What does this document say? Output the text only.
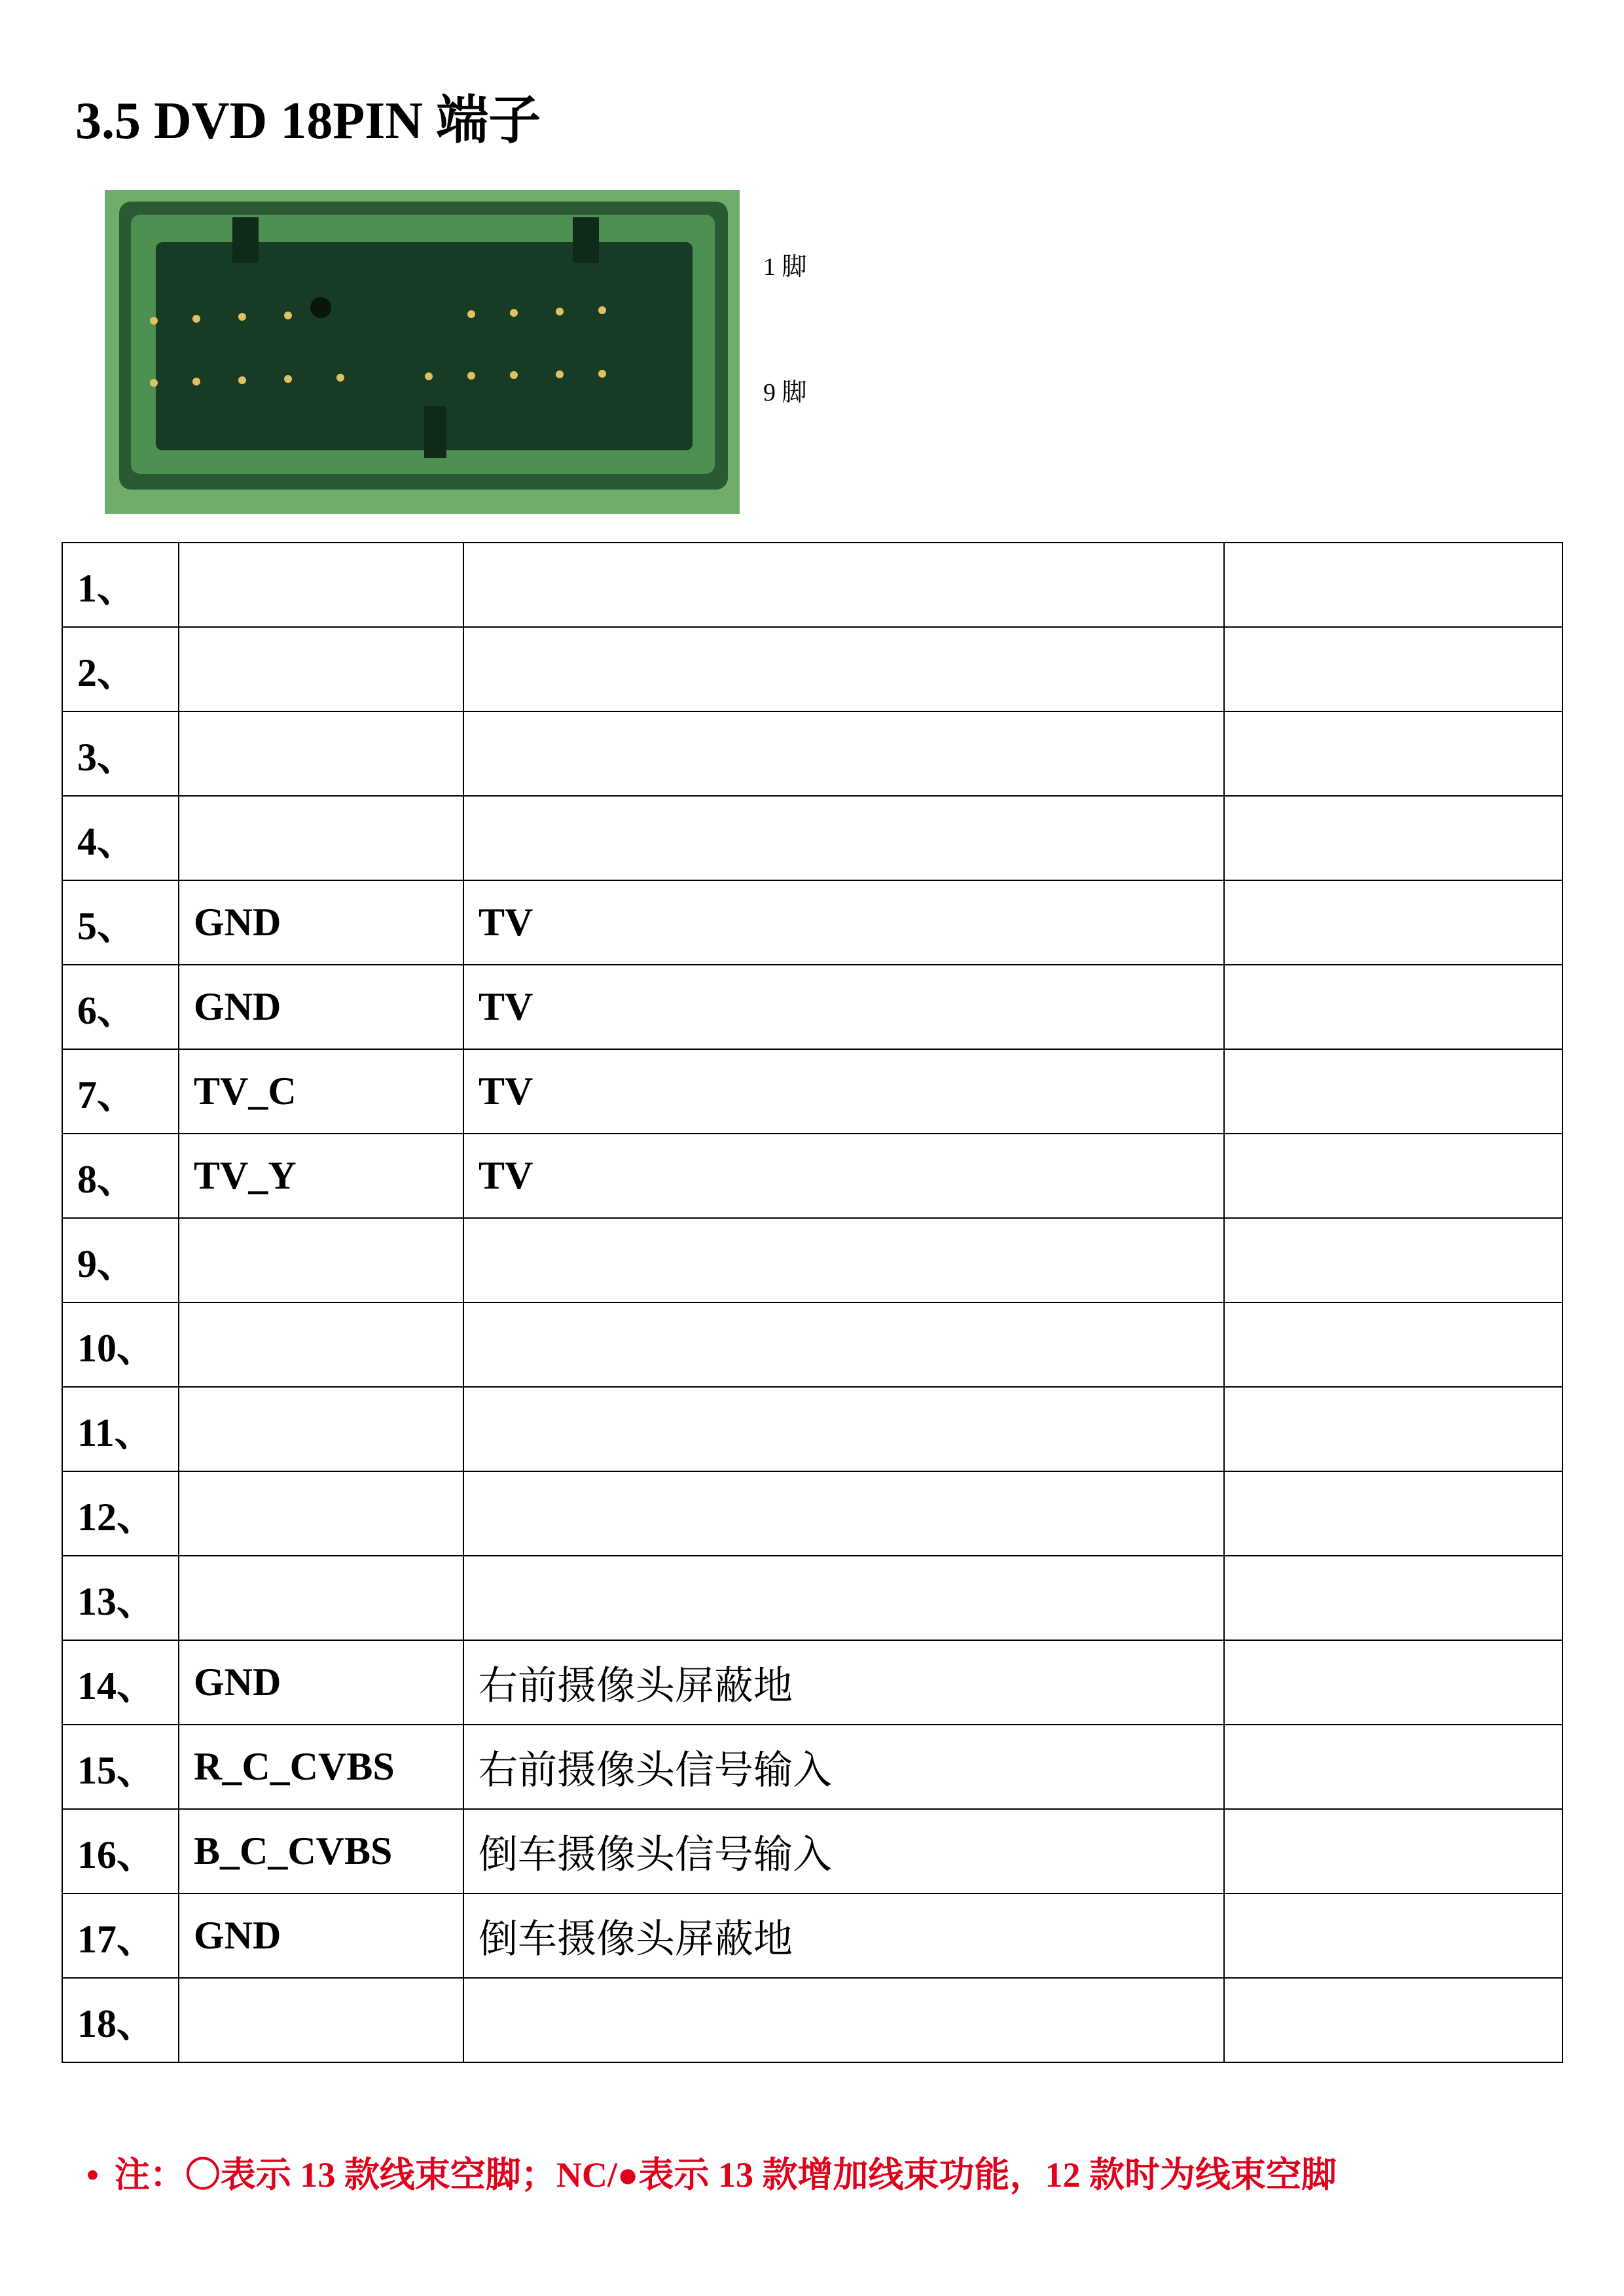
3.5 DVD 18PIN 端子
1 脚
9 脚
1、			
2、			
3、			
4、			
5、	GND	TV	
6、	GND	TV	
7、	TV_C	TV	
8、	TV_Y	TV	
9、			
10、			
11、			
12、			
13、			
14、	GND	右前摄像头屏蔽地	
15、	R_C_CVBS	右前摄像头信号输入	
16、	B_C_CVBS	倒车摄像头信号输入	
17、	GND	倒车摄像头屏蔽地	
18、			
• 注：〇表示 13 款线束空脚；NC/●表示 13 款增加线束功能，12 款时为线束空脚
